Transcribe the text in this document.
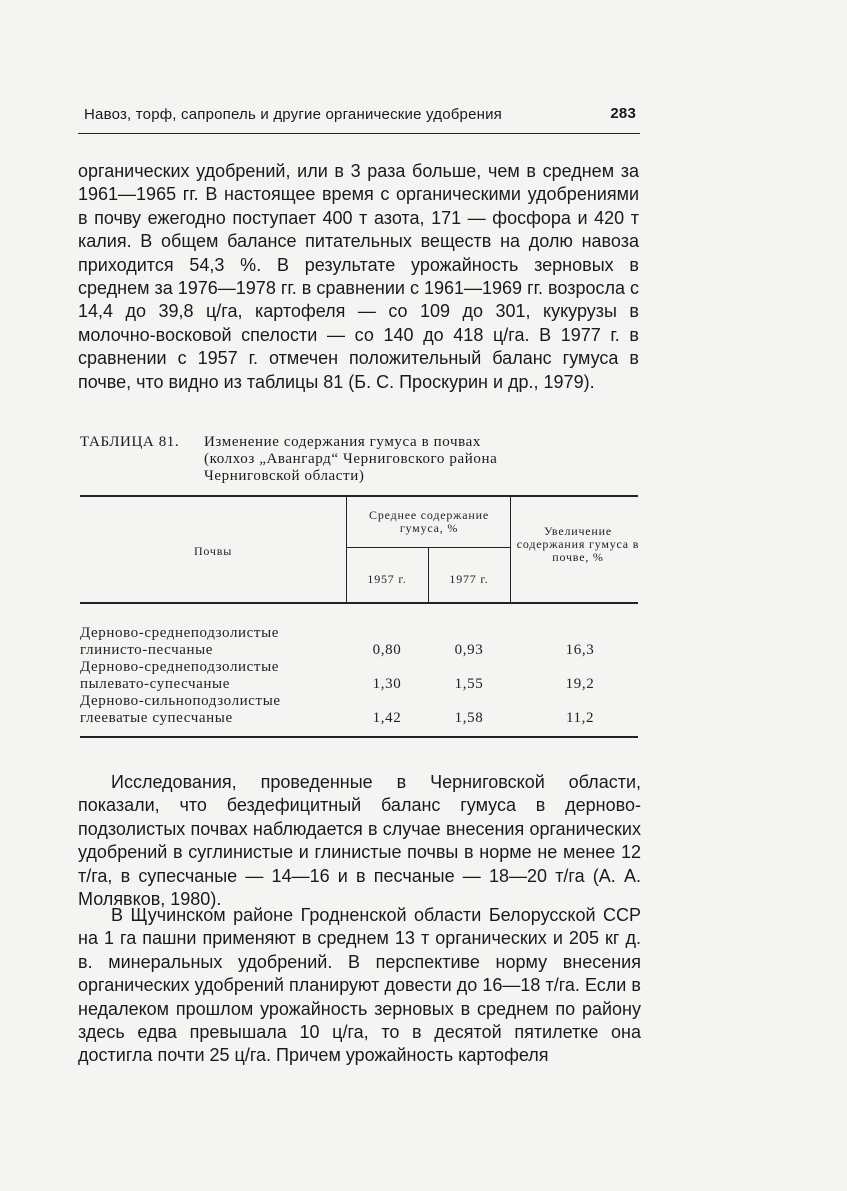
Навоз, торф, сапропель и другие органические удобрения	283
органических удобрений, или в 3 раза больше, чем в среднем за 1961—1965 гг. В настоящее время с органическими удобрениями в почву ежегодно поступает 400 т азота, 171 — фосфора и 420 т калия. В общем балансе питательных веществ на долю навоза приходится 54,3 %. В результате урожайность зерновых в среднем за 1976—1978 гг. в сравнении с 1961—1969 гг. возросла с 14,4 до 39,8 ц/га, картофеля — со 109 до 301, кукурузы в молочно-восковой спелости — со 140 до 418 ц/га. В 1977 г. в сравнении с 1957 г. отмечен положительный баланс гумуса в почве, что видно из таблицы 81 (Б. С. Проскурин и др., 1979).
ТАБЛИЦА 81. Изменение содержания гумуса в почвах
(колхоз „Авангард“ Черниговского района
Черниговской области)
Почвы
Среднее содержание гумуса, %
1957 г.	1977 г.
Увеличение содержания гумуса в почве, %
Дерново-среднеподзолистые
глинисто-песчаные	0,80	0,93	16,3
Дерново-среднеподзолистые
пылевато-супесчаные	1,30	1,55	19,2
Дерново-сильноподзолистые
глееватые супесчаные	1,42	1,58	11,2
Исследования, проведенные в Черниговской области, показали, что бездефицитный баланс гумуса в дерново-подзолистых почвах наблюдается в случае внесения органических удобрений в суглинистые и глинистые почвы в норме не менее 12 т/га, в супесчаные — 14—16 и в песчаные — 18—20 т/га (А. А. Молявков, 1980).
В Щучинском районе Гродненской области Белорусской ССР на 1 га пашни применяют в среднем 13 т органических и 205 кг д. в. минеральных удобрений. В перспективе норму внесения органических удобрений планируют довести до 16—18 т/га. Если в недалеком прошлом урожайность зерновых в среднем по району здесь едва превышала 10 ц/га, то в десятой пятилетке она достигла почти 25 ц/га. Причем урожайность картофеля
